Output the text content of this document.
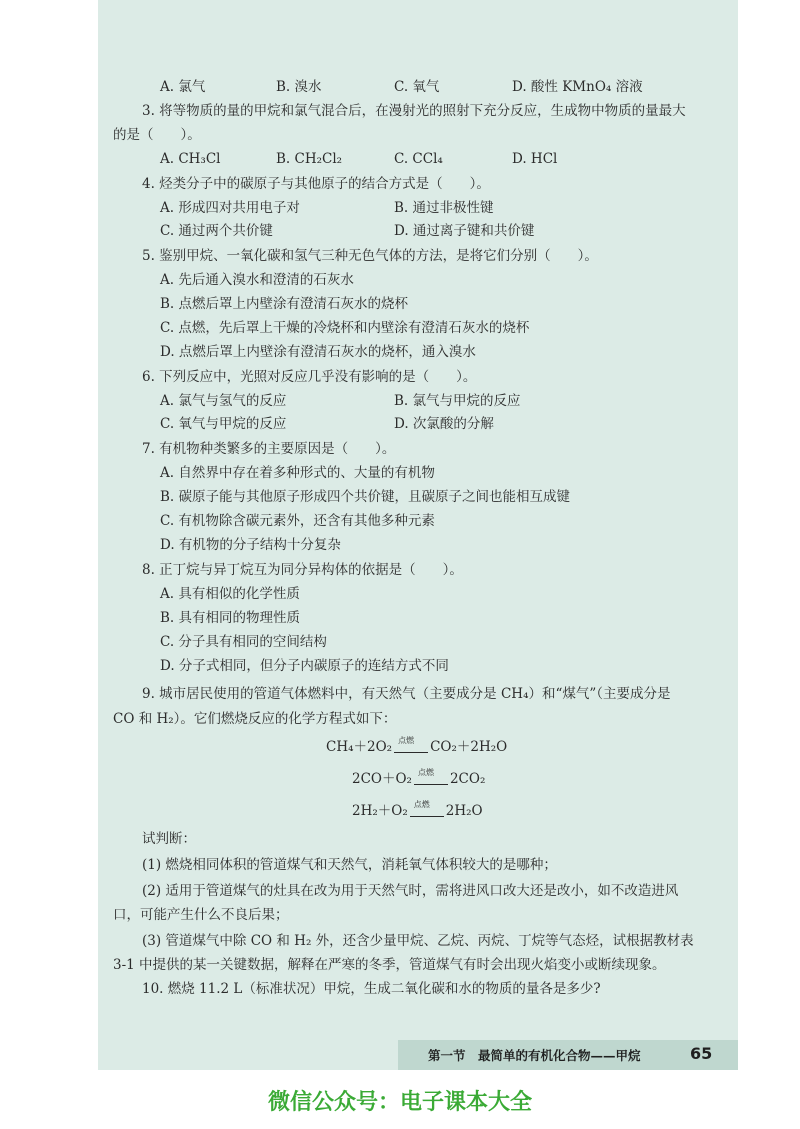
A. 氯气	B. 溴水	C. 氧气	D. 酸性 KMnO₄ 溶液
3. 将等物质的量的甲烷和氯气混合后，在漫射光的照射下充分反应，生成物中物质的量最大
的是（　　）。
A. CH₃Cl	B. CH₂Cl₂	C. CCl₄	D. HCl
4. 烃类分子中的碳原子与其他原子的结合方式是（　　）。
A. 形成四对共用电子对	B. 通过非极性键
C. 通过两个共价键	D. 通过离子键和共价键
5. 鉴别甲烷、一氧化碳和氢气三种无色气体的方法，是将它们分别（　　）。
A. 先后通入溴水和澄清的石灰水
B. 点燃后罩上内壁涂有澄清石灰水的烧杯
C. 点燃，先后罩上干燥的冷烧杯和内壁涂有澄清石灰水的烧杯
D. 点燃后罩上内壁涂有澄清石灰水的烧杯，通入溴水
6. 下列反应中，光照对反应几乎没有影响的是（　　）。
A. 氯气与氢气的反应	B. 氯气与甲烷的反应
C. 氧气与甲烷的反应	D. 次氯酸的分解
7. 有机物种类繁多的主要原因是（　　）。
A. 自然界中存在着多种形式的、大量的有机物
B. 碳原子能与其他原子形成四个共价键，且碳原子之间也能相互成键
C. 有机物除含碳元素外，还含有其他多种元素
D. 有机物的分子结构十分复杂
8. 正丁烷与异丁烷互为同分异构体的依据是（　　）。
A. 具有相似的化学性质
B. 具有相同的物理性质
C. 分子具有相同的空间结构
D. 分子式相同，但分子内碳原子的连结方式不同
9. 城市居民使用的管道气体燃料中，有天然气（主要成分是 CH₄）和“煤气”（主要成分是
CO 和 H₂）。它们燃烧反应的化学方程式如下：
CH₄＋2O₂ 点燃 CO₂＋2H₂O
2CO＋O₂ 点燃 2CO₂
2H₂＋O₂ 点燃 2H₂O
试判断：
(1) 燃烧相同体积的管道煤气和天然气，消耗氧气体积较大的是哪种；
(2) 适用于管道煤气的灶具在改为用于天然气时，需将进风口改大还是改小，如不改造进风
口，可能产生什么不良后果；
(3) 管道煤气中除 CO 和 H₂ 外，还含少量甲烷、乙烷、丙烷、丁烷等气态烃，试根据教材表
3-1 中提供的某一关键数据，解释在严寒的冬季，管道煤气有时会出现火焰变小或断续现象。
10. 燃烧 11.2 L（标准状况）甲烷，生成二氧化碳和水的物质的量各是多少?
第一节　最简单的有机化合物——甲烷	65
微信公众号：电子课本大全
